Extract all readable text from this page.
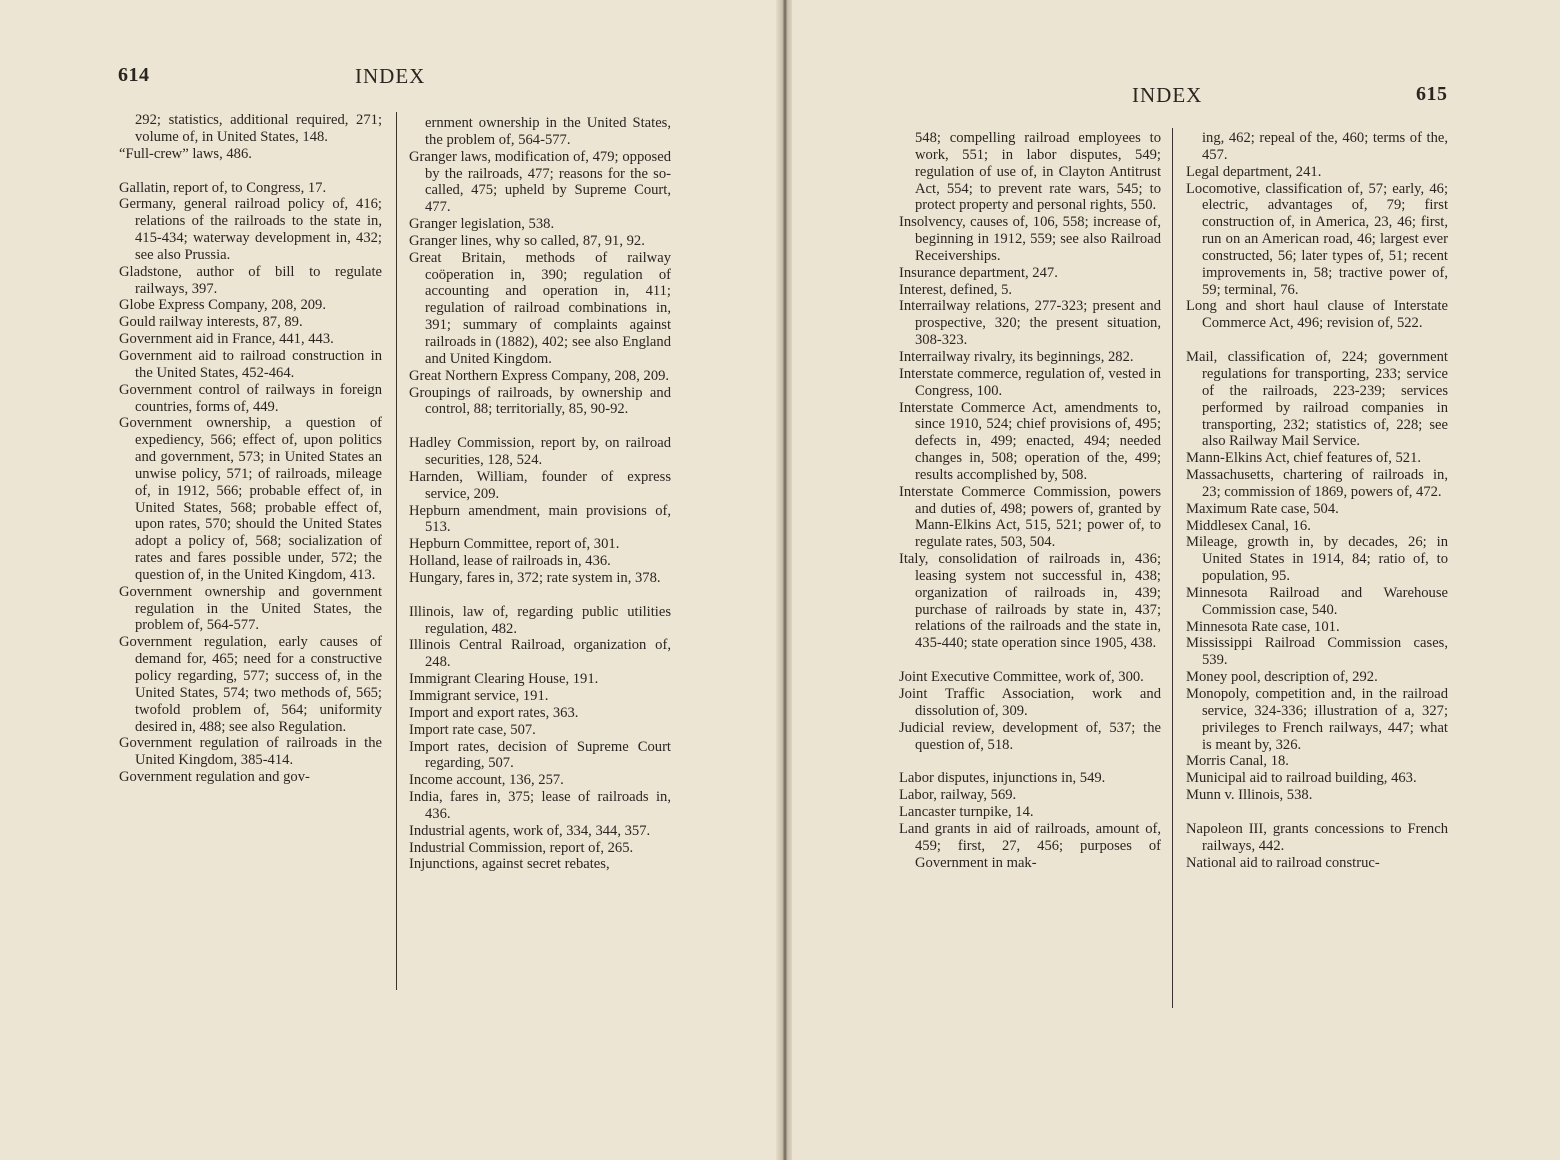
614	INDEX

292; statistics, additional required, 271; volume of, in United States, 148.

“Full-crew” laws, 486.

Gallatin, report of, to Congress, 17.

Germany, general railroad policy of, 416; relations of the railroads to the state in, 415-434; waterway development in, 432; see also Prussia.

Gladstone, author of bill to regulate railways, 397.

Globe Express Company, 208, 209.

Gould railway interests, 87, 89.

Government aid in France, 441, 443.

Government aid to railroad construction in the United States, 452-464.

Government control of railways in foreign countries, forms of, 449.

Government ownership, a question of expediency, 566; effect of, upon politics and government, 573; in United States an unwise policy, 571; of railroads, mileage of, in 1912, 566; probable effect of, in United States, 568; probable effect of, upon rates, 570; should the United States adopt a policy of, 568; socialization of rates and fares possible under, 572; the question of, in the United Kingdom, 413.

Government ownership and government regulation in the United States, the problem of, 564-577.

Government regulation, early causes of demand for, 465; need for a constructive policy regarding, 577; success of, in the United States, 574; two methods of, 565; twofold problem of, 564; uniformity desired in, 488; see also Regulation.

Government regulation of railroads in the United Kingdom, 385-414.

Government regulation and gov-

ernment ownership in the United States, the problem of, 564-577.

Granger laws, modification of, 479; opposed by the railroads, 477; reasons for the so-called, 475; upheld by Supreme Court, 477.

Granger legislation, 538.

Granger lines, why so called, 87, 91, 92.

Great Britain, methods of railway coöperation in, 390; regulation of accounting and operation in, 411; regulation of railroad combinations in, 391; summary of complaints against railroads in (1882), 402; see also England and United Kingdom.

Great Northern Express Company, 208, 209.

Groupings of railroads, by ownership and control, 88; territorially, 85, 90-92.

Hadley Commission, report by, on railroad securities, 128, 524.

Harnden, William, founder of express service, 209.

Hepburn amendment, main provisions of, 513.

Hepburn Committee, report of, 301.

Holland, lease of railroads in, 436.

Hungary, fares in, 372; rate system in, 378.

Illinois, law of, regarding public utilities regulation, 482.

Illinois Central Railroad, organization of, 248.

Immigrant Clearing House, 191.

Immigrant service, 191.

Import and export rates, 363.

Import rate case, 507.

Import rates, decision of Supreme Court regarding, 507.

Income account, 136, 257.

India, fares in, 375; lease of railroads in, 436.

Industrial agents, work of, 334, 344, 357.

Industrial Commission, report of, 265.

Injunctions, against secret rebates,

INDEX	615

548; compelling railroad employees to work, 551; in labor disputes, 549; regulation of use of, in Clayton Antitrust Act, 554; to prevent rate wars, 545; to protect property and personal rights, 550.

Insolvency, causes of, 106, 558; increase of, beginning in 1912, 559; see also Railroad Receiverships.

Insurance department, 247.

Interest, defined, 5.

Interrailway relations, 277-323; present and prospective, 320; the present situation, 308-323.

Interrailway rivalry, its beginnings, 282.

Interstate commerce, regulation of, vested in Congress, 100.

Interstate Commerce Act, amendments to, since 1910, 524; chief provisions of, 495; defects in, 499; enacted, 494; needed changes in, 508; operation of the, 499; results accomplished by, 508.

Interstate Commerce Commission, powers and duties of, 498; powers of, granted by Mann-Elkins Act, 515, 521; power of, to regulate rates, 503, 504.

Italy, consolidation of railroads in, 436; leasing system not successful in, 438; organization of railroads in, 439; purchase of railroads by state in, 437; relations of the railroads and the state in, 435-440; state operation since 1905, 438.

Joint Executive Committee, work of, 300.

Joint Traffic Association, work and dissolution of, 309.

Judicial review, development of, 537; the question of, 518.

Labor disputes, injunctions in, 549.

Labor, railway, 569.

Lancaster turnpike, 14.

Land grants in aid of railroads, amount of, 459; first, 27, 456; purposes of Government in mak-

ing, 462; repeal of the, 460; terms of the, 457.

Legal department, 241.

Locomotive, classification of, 57; early, 46; electric, advantages of, 79; first construction of, in America, 23, 46; first, run on an American road, 46; largest ever constructed, 56; later types of, 51; recent improvements in, 58; tractive power of, 59; terminal, 76.

Long and short haul clause of Interstate Commerce Act, 496; revision of, 522.

Mail, classification of, 224; government regulations for transporting, 233; service of the railroads, 223-239; services performed by railroad companies in transporting, 232; statistics of, 228; see also Railway Mail Service.

Mann-Elkins Act, chief features of, 521.

Massachusetts, chartering of railroads in, 23; commission of 1869, powers of, 472.

Maximum Rate case, 504.

Middlesex Canal, 16.

Mileage, growth in, by decades, 26; in United States in 1914, 84; ratio of, to population, 95.

Minnesota Railroad and Warehouse Commission case, 540.

Minnesota Rate case, 101.

Mississippi Railroad Commission cases, 539.

Money pool, description of, 292.

Monopoly, competition and, in the railroad service, 324-336; illustration of a, 327; privileges to French railways, 447; what is meant by, 326.

Morris Canal, 18.

Municipal aid to railroad building, 463.

Munn v. Illinois, 538.

Napoleon III, grants concessions to French railways, 442.

National aid to railroad construc-
